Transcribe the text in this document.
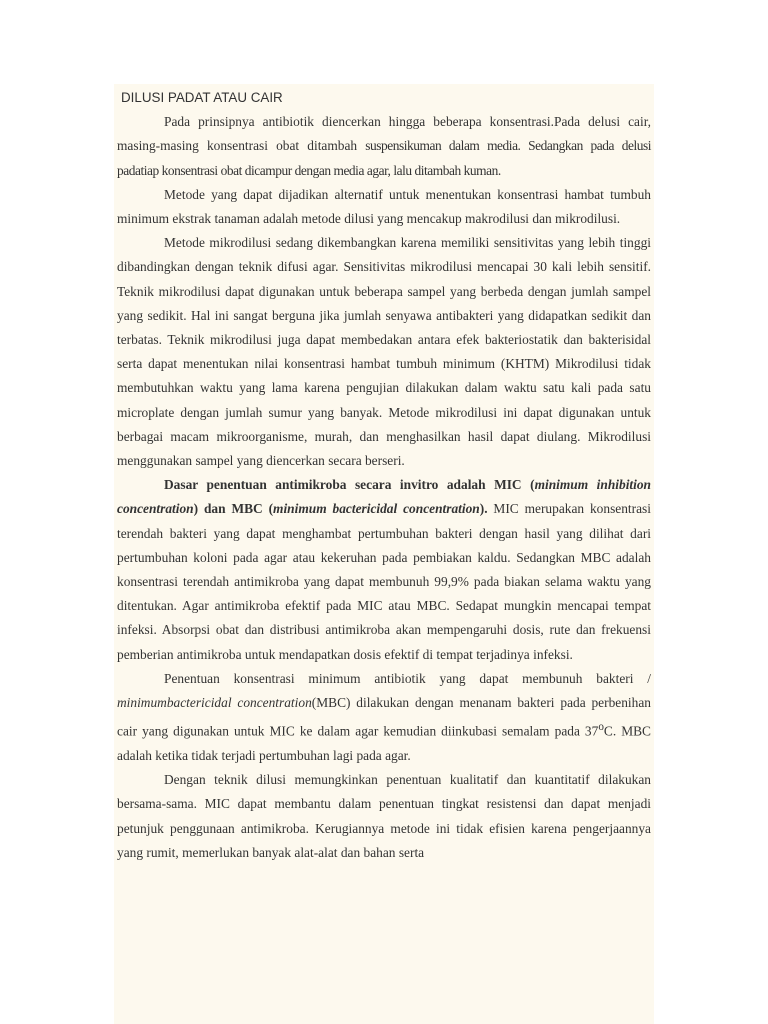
DILUSI PADAT ATAU CAIR

Pada prinsipnya antibiotik diencerkan hingga beberapa konsentrasi.Pada delusi cair, masing-masing konsentrasi obat ditambah suspensikuman dalam media. Sedangkan pada delusi padatiap konsentrasi obat dicampur dengan media agar, lalu ditambah kuman.

Metode yang dapat dijadikan alternatif untuk menentukan konsentrasi hambat tumbuh minimum ekstrak tanaman adalah metode dilusi yang mencakup makrodilusi dan mikrodilusi.

Metode mikrodilusi sedang dikembangkan karena memiliki sensitivitas yang lebih tinggi dibandingkan dengan teknik difusi agar. Sensitivitas mikrodilusi mencapai 30 kali lebih sensitif. Teknik mikrodilusi dapat digunakan untuk beberapa sampel yang berbeda dengan jumlah sampel yang sedikit. Hal ini sangat berguna jika jumlah senyawa antibakteri yang didapatkan sedikit dan terbatas. Teknik mikrodilusi juga dapat membedakan antara efek bakteriostatik dan bakterisidal serta dapat menentukan nilai konsentrasi hambat tumbuh minimum (KHTM) Mikrodilusi tidak membutuhkan waktu yang lama karena pengujian dilakukan dalam waktu satu kali pada satu microplate dengan jumlah sumur yang banyak. Metode mikrodilusi ini dapat digunakan untuk berbagai macam mikroorganisme, murah, dan menghasilkan hasil dapat diulang. Mikrodilusi menggunakan sampel yang diencerkan secara berseri.

Dasar penentuan antimikroba secara invitro adalah MIC (minimum inhibition concentration) dan MBC (minimum bactericidal concentration). MIC merupakan konsentrasi terendah bakteri yang dapat menghambat pertumbuhan bakteri dengan hasil yang dilihat dari pertumbuhan koloni pada agar atau kekeruhan pada pembiakan kaldu. Sedangkan MBC adalah konsentrasi terendah antimikroba yang dapat membunuh 99,9% pada biakan selama waktu yang ditentukan. Agar antimikroba efektif pada MIC atau MBC. Sedapat mungkin mencapai tempat infeksi. Absorpsi obat dan distribusi antimikroba akan mempengaruhi dosis, rute dan frekuensi pemberian antimikroba untuk mendapatkan dosis efektif di tempat terjadinya infeksi.

Penentuan konsentrasi minimum antibiotik yang dapat membunuh bakteri / minimumbactericidal concentration(MBC) dilakukan dengan menanam bakteri pada perbenihan cair yang digunakan untuk MIC ke dalam agar kemudian diinkubasi semalam pada 37$^o$C. MBC adalah ketika tidak terjadi pertumbuhan lagi pada agar.

Dengan teknik dilusi memungkinkan penentuan kualitatif dan kuantitatif dilakukan bersama-sama. MIC dapat membantu dalam penentuan tingkat resistensi dan dapat menjadi petunjuk penggunaan antimikroba. Kerugiannya metode ini tidak efisien karena pengerjaannya yang rumit, memerlukan banyak alat-alat dan bahan serta
